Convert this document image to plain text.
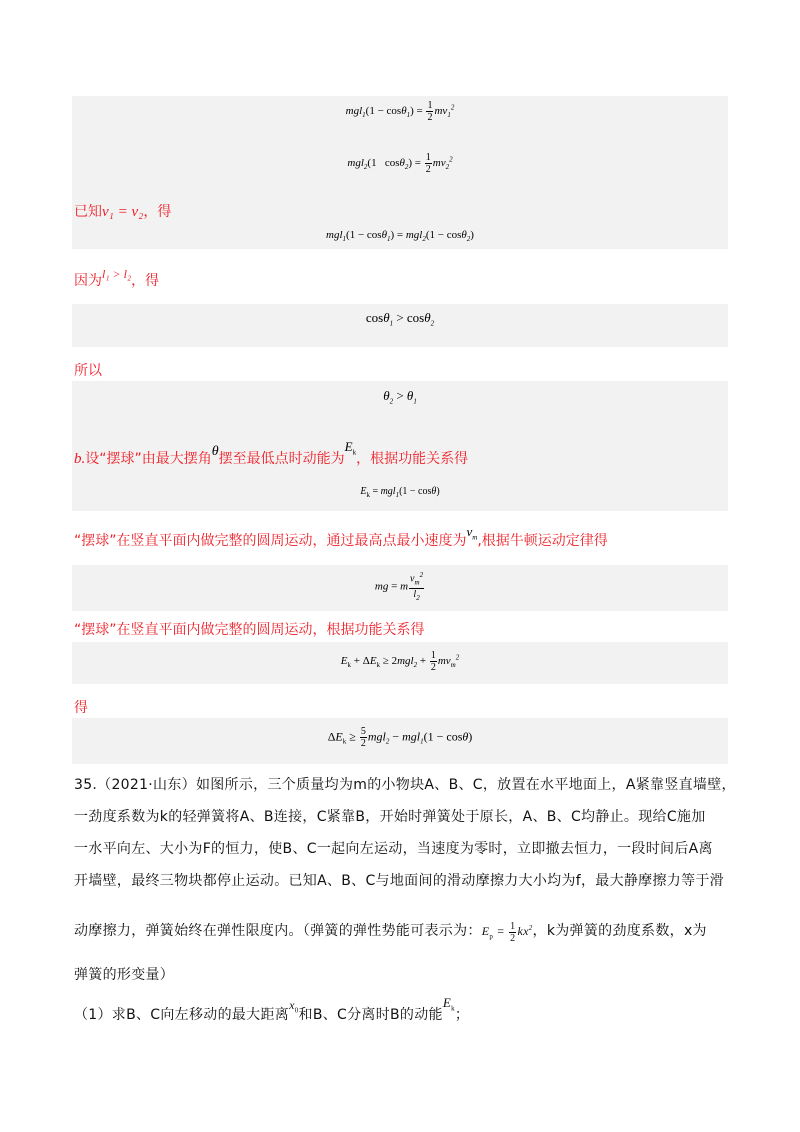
$mgl_1(1 - \cos\theta_1) = \frac{1}{2} mv_1^2$
mgl$_2$(1   $\cos\theta_2) = \frac{1}{2} mv_2^2$
已知v₁ = v₂，得
mgl$_1$(1 − cosθ$_1$) = mgl$_2$(1 − cosθ$_2$)
因为l₁ > l₂，得
cosθ$_1$ > cosθ$_2$
所以
$\theta_2 > \theta_1$
b.设“摆球”由最大摆角θ摆至最低点时动能为$E_k$，根据功能关系得
$E_k = mgl_1(1 - \cos\theta)$
“摆球”在竖直平面内做完整的圆周运动，通过最高点最小速度为$v_m$,根据牛顿运动定律得
mg = m $\frac{v_m^2}{l_2}$
“摆球”在竖直平面内做完整的圆周运动，根据功能关系得
$E_k + \Delta E_k \ge 2mgl_2 + \frac{1}{2} mv_m^2$
得
$\Delta E_k \ge \frac{5}{2} mgl_2 - mgl_1(1 - \cos\theta)$
35.（2021·山东）如图所示，三个质量均为m的小物块A、B、C，放置在水平地面上，A紧靠竖直墙壁，
一劲度系数为k的轻弹簧将A、B连接，C紧靠B，开始时弹簧处于原长，A、B、C均静止。现给C施加
一水平向左、大小为F的恒力，使B、C一起向左运动，当速度为零时，立即撤去恒力，一段时间后A离
开墙壁，最终三物块都停止运动。已知A、B、C与地面间的滑动摩擦力大小均为f，最大静摩擦力等于滑
动摩擦力，弹簧始终在弹性限度内。（弹簧的弹性势能可表示为：$E_p = \frac{1}{2} kx^2$，k为弹簧的劲度系数，x为
弹簧的形变量）
（1）求B、C向左移动的最大距离$x_0$和B、C分离时B的动能$E_k$；
